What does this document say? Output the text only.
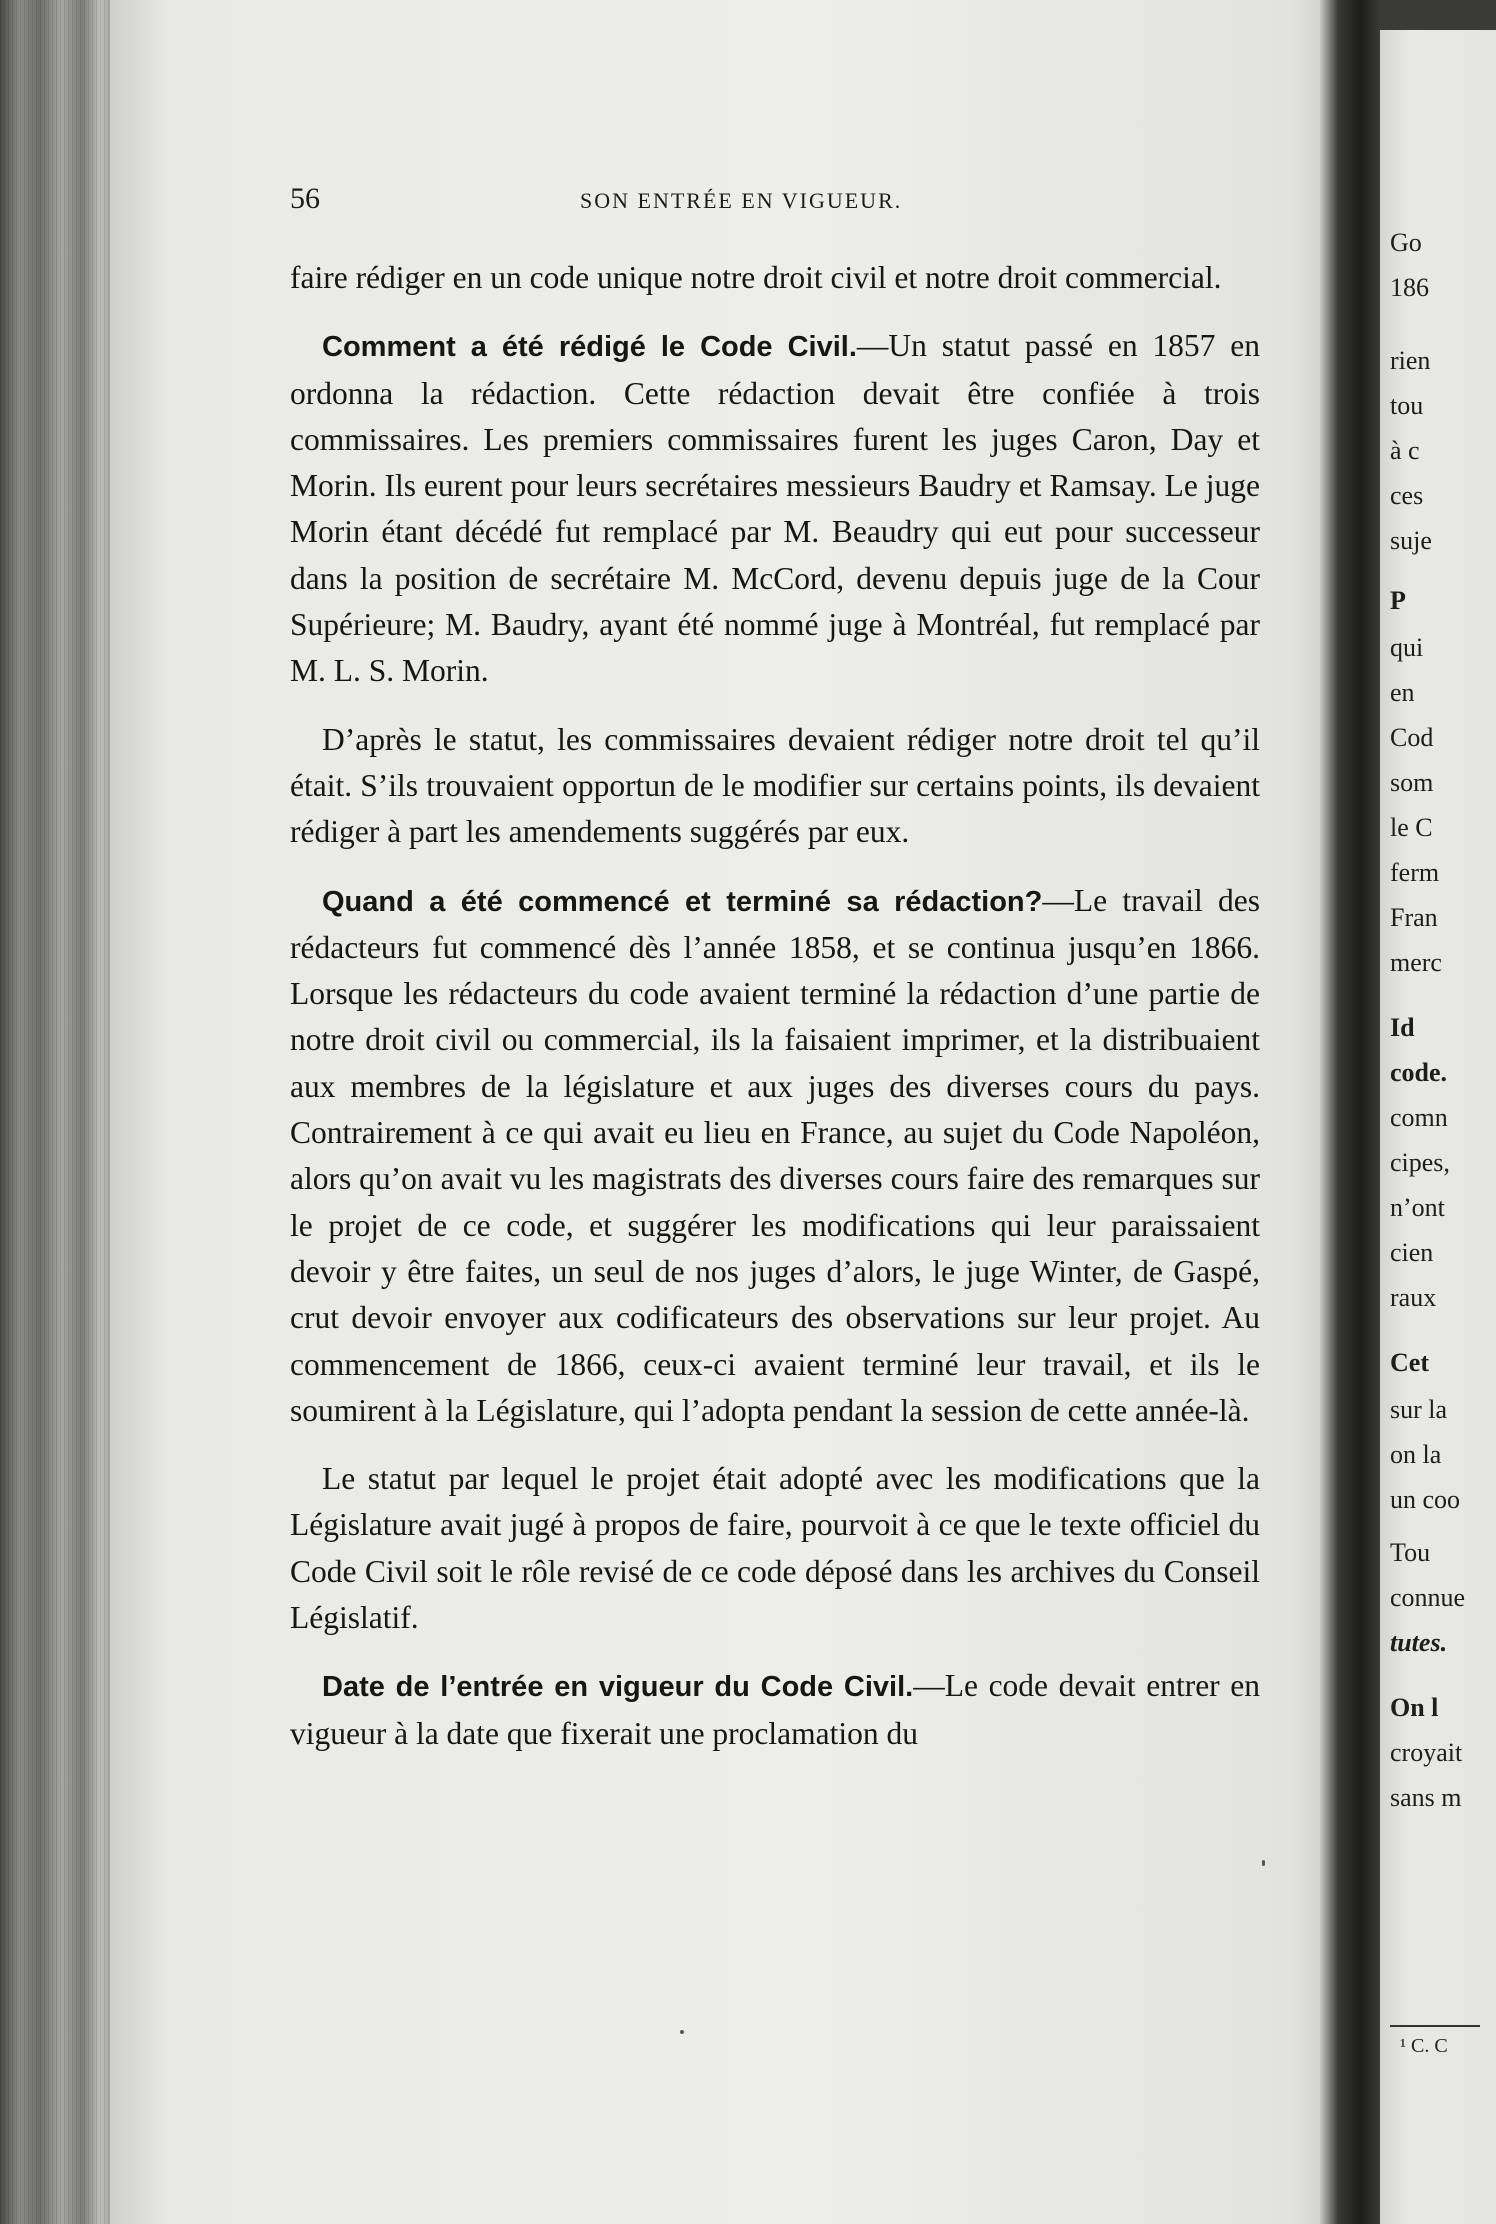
Go
186
rien
tou
à c
ces
suje
P
qui
en
Cod
som
le C
ferm
Fran
merc
Id
code.
comn
cipes,
n’ont
cien
raux
Cet
sur la
on la
un coo
Tou
connue
tutes.
On l
croyait
sans m
¹ C. C
56	SON ENTRÉE EN VIGUEUR.

faire rédiger en un code unique notre droit civil et notre droit commercial.

Comment a été rédigé le Code Civil.—Un statut passé en 1857 en ordonna la rédaction. Cette rédaction devait être confiée à trois commissaires. Les premiers commissaires furent les juges Caron, Day et Morin. Ils eurent pour leurs secrétaires messieurs Baudry et Ramsay. Le juge Morin étant décédé fut remplacé par M. Beaudry qui eut pour successeur dans la position de secrétaire M. McCord, devenu depuis juge de la Cour Supérieure; M. Baudry, ayant été nommé juge à Montréal, fut remplacé par M. L. S. Morin.

D’après le statut, les commissaires devaient rédiger notre droit tel qu’il était. S’ils trouvaient opportun de le modifier sur certains points, ils devaient rédiger à part les amendements suggérés par eux.

Quand a été commencé et terminé sa rédaction?—Le travail des rédacteurs fut commencé dès l’année 1858, et se continua jusqu’en 1866. Lorsque les rédacteurs du code avaient terminé la rédaction d’une partie de notre droit civil ou commercial, ils la faisaient imprimer, et la distribuaient aux membres de la législature et aux juges des diverses cours du pays. Contrairement à ce qui avait eu lieu en France, au sujet du Code Napoléon, alors qu’on avait vu les magistrats des diverses cours faire des remarques sur le projet de ce code, et suggérer les modifications qui leur paraissaient devoir y être faites, un seul de nos juges d’alors, le juge Winter, de Gaspé, crut devoir envoyer aux codificateurs des observations sur leur projet. Au commencement de 1866, ceux-ci avaient terminé leur travail, et ils le soumirent à la Législature, qui l’adopta pendant la session de cette année-là.

Le statut par lequel le projet était adopté avec les modifications que la Législature avait jugé à propos de faire, pourvoit à ce que le texte officiel du Code Civil soit le rôle revisé de ce code déposé dans les archives du Conseil Législatif.

Date de l’entrée en vigueur du Code Civil.—Le code devait entrer en vigueur à la date que fixerait une proclamation du
